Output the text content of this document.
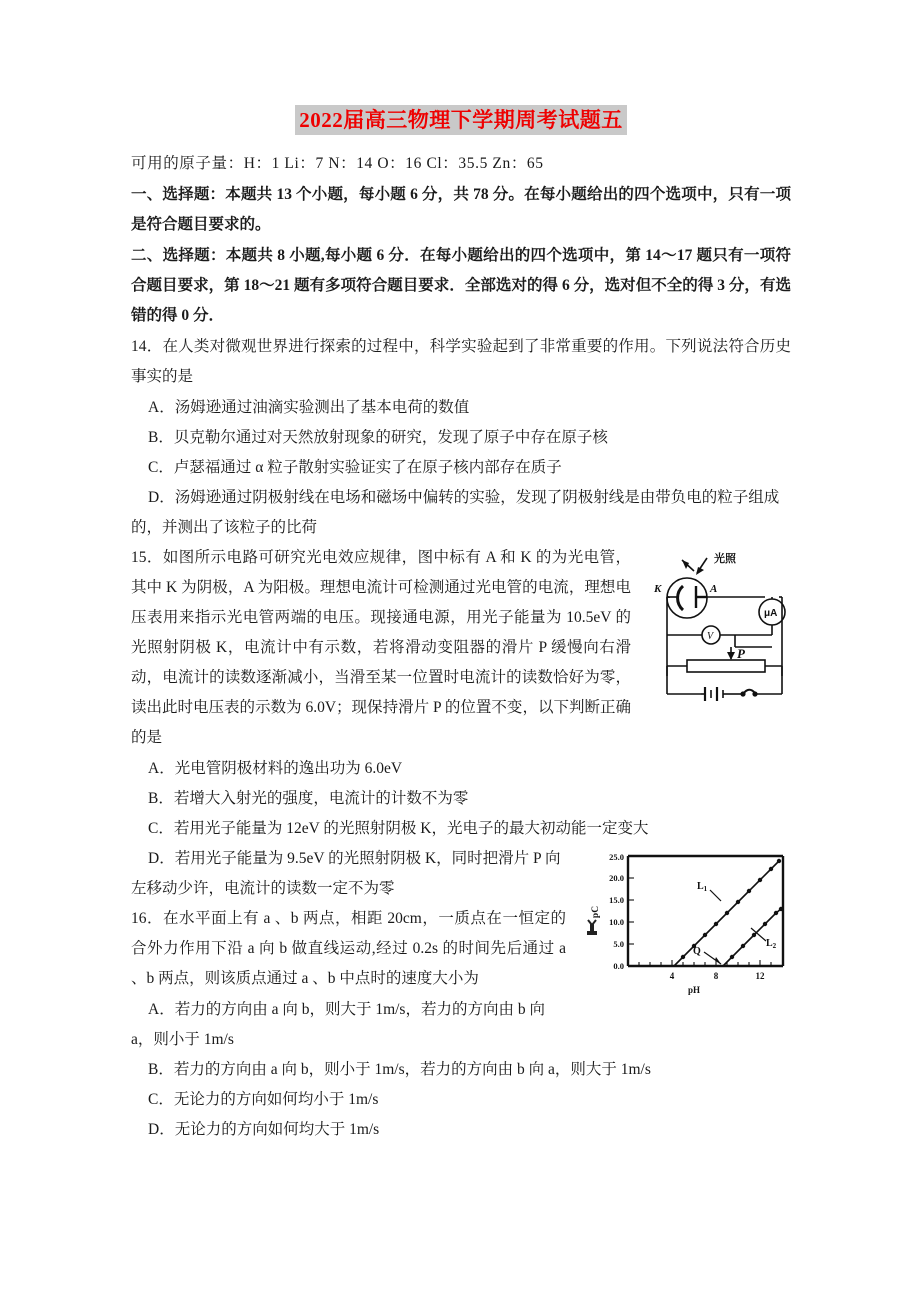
2022届高三物理下学期周考试题五

可用的原子量：H：1 Li：7 N：14 O：16 Cl：35.5 Zn：65

一、选择题：本题共 13 个小题，每小题 6 分，共 78 分。在每小题给出的四个选项中，只有一项是符合题目要求的。

二、选择题：本题共 8 小题,每小题 6 分．在每小题给出的四个选项中，第 14～17 题只有一项符合题目要求，第 18～21 题有多项符合题目要求．全部选对的得 6 分，选对但不全的得 3 分，有选错的得 0 分．

14．在人类对微观世界进行探索的过程中，科学实验起到了非常重要的作用。下列说法符合历史事实的是

A．汤姆逊通过油滴实验测出了基本电荷的数值

B．贝克勒尔通过对天然放射现象的研究，发现了原子中存在原子核

C．卢瑟福通过 α 粒子散射实验证实了在原子核内部存在质子

D．汤姆逊通过阴极射线在电场和磁场中偏转的实验，发现了阴极射线是由带负电的粒子组成的，并测出了该粒子的比荷

光照
K	A
μA
V
P

15．如图所示电路可研究光电效应规律，图中标有 A 和 K 的为光电管，其中 K 为阴极，A 为阳极。理想电流计可检测通过光电管的电流，理想电压表用来指示光电管两端的电压。现接通电源，用光子能量为 10.5eV 的光照射阴极 K，电流计中有示数，若将滑动变阻器的滑片 P 缓慢向右滑动，电流计的读数逐渐减小，当滑至某一位置时电流计的读数恰好为零，读出此时电压表的示数为 6.0V；现保持滑片 P 的位置不变，以下判断正确的是

A．光电管阴极材料的逸出功为 6.0eV

B．若增大入射光的强度，电流计的计数不为零

C．若用光子能量为 12eV 的光照射阴极 K，光电子的最大初动能一定变大

0.0
5.0
10.0
15.0
20.0
25.0
4	8	12
pH
pC
$L_1$
$L_2$
Q

D．若用光子能量为 9.5eV 的光照射阴极 K，同时把滑片 P 向左移动少许，电流计的读数一定不为零

16．在水平面上有 a 、b 两点，相距 20cm，一质点在一恒定的合外力作用下沿 a 向 b 做直线运动,经过 0.2s 的时间先后通过 a 、b 两点，则该质点通过 a 、b 中点时的速度大小为

A．若力的方向由 a 向 b，则大于 1m/s，若力的方向由 b 向 a，则小于 1m/s

B．若力的方向由 a 向 b，则小于 1m/s，若力的方向由 b 向 a，则大于 1m/s

C．无论力的方向如何均小于 1m/s

D．无论力的方向如何均大于 1m/s
